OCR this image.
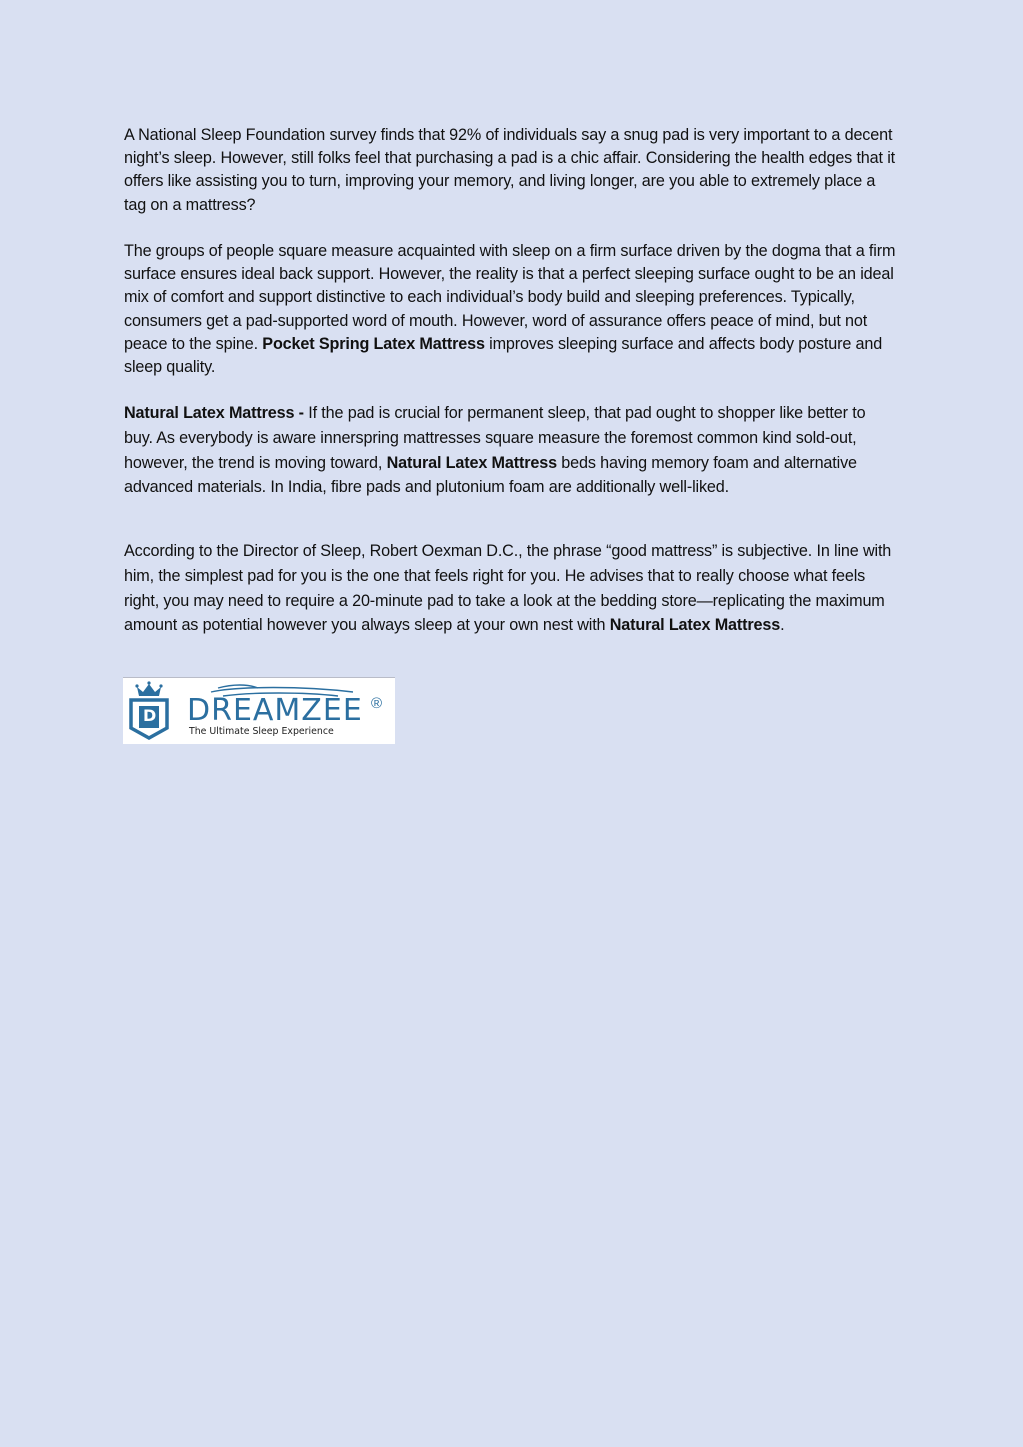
A National Sleep Foundation survey finds that 92% of individuals say a snug pad is very important to a decent night’s sleep. However, still folks feel that purchasing a pad is a chic affair. Considering the health edges that it offers like assisting you to turn, improving your memory, and living longer, are you able to extremely place a tag on a mattress?

The groups of people square measure acquainted with sleep on a firm surface driven by the dogma that a firm surface ensures ideal back support. However, the reality is that a perfect sleeping surface ought to be an ideal mix of comfort and support distinctive to each individual’s body build and sleeping preferences. Typically, consumers get a pad-supported word of mouth. However, word of assurance offers peace of mind, but not peace to the spine. Pocket Spring Latex Mattress improves sleeping surface and affects body posture and sleep quality.

Natural Latex Mattress - If the pad is crucial for permanent sleep, that pad ought to shopper like better to buy. As everybody is aware innerspring mattresses square measure the foremost common kind sold-out, however, the trend is moving toward, Natural Latex Mattress beds having memory foam and alternative advanced materials. In India, fibre pads and plutonium foam are additionally well-liked.

According to the Director of Sleep, Robert Oexman D.C., the phrase “good mattress” is subjective. In line with him, the simplest pad for you is the one that feels right for you. He advises that to really choose what feels right, you may need to require a 20-minute pad to take a look at the bedding store—replicating the maximum amount as potential however you always sleep at your own nest with Natural Latex Mattress.

DREAMZEE ®
The Ultimate Sleep Experience
D
